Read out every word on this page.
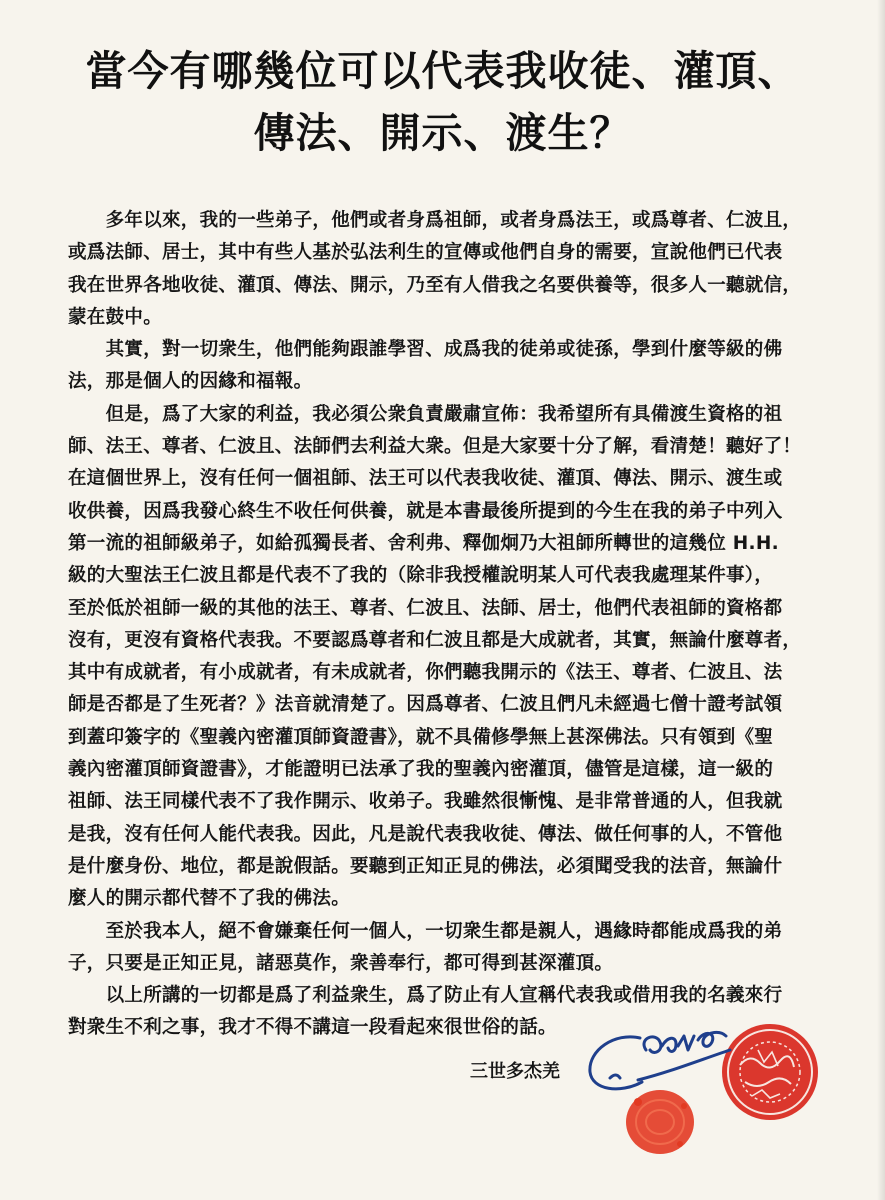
當今有哪幾位可以代表我收徒、灌頂、
傳法、開示、渡生？

　　多年以來，我的一些弟子，他們或者身爲祖師，或者身爲法王，或爲尊者、仁波且，
或爲法師、居士，其中有些人基於弘法利生的宣傳或他們自身的需要，宣說他們已代表
我在世界各地收徒、灌頂、傳法、開示，乃至有人借我之名要供養等，很多人一聽就信，
蒙在鼓中。

　　其實，對一切衆生，他們能夠跟誰學習、成爲我的徒弟或徒孫，學到什麼等級的佛
法，那是個人的因緣和福報。

　　但是，爲了大家的利益，我必須公衆負責嚴肅宣佈：我希望所有具備渡生資格的祖
師、法王、尊者、仁波且、法師們去利益大衆。但是大家要十分了解，看清楚！聽好了！
在這個世界上，沒有任何一個祖師、法王可以代表我收徒、灌頂、傳法、開示、渡生或
收供養，因爲我發心終生不收任何供養，就是本書最後所提到的今生在我的弟子中列入
第一流的祖師級弟子，如給孤獨長者、舍利弗、釋伽炯乃大祖師所轉世的這幾位 H.H.
級的大聖法王仁波且都是代表不了我的（除非我授權說明某人可代表我處理某件事），
至於低於祖師一級的其他的法王、尊者、仁波且、法師、居士，他們代表祖師的資格都
沒有，更沒有資格代表我。不要認爲尊者和仁波且都是大成就者，其實，無論什麼尊者，
其中有成就者，有小成就者，有未成就者，你們聽我開示的《法王、尊者、仁波且、法
師是否都是了生死者？》法音就清楚了。因爲尊者、仁波且們凡未經過七僧十證考試領
到蓋印簽字的《聖義內密灌頂師資證書》，就不具備修學無上甚深佛法。只有領到《聖
義內密灌頂師資證書》，才能證明已法承了我的聖義內密灌頂，儘管是這樣，這一級的
祖師、法王同樣代表不了我作開示、收弟子。我雖然很慚愧、是非常普通的人，但我就
是我，沒有任何人能代表我。因此，凡是說代表我收徒、傳法、做任何事的人，不管他
是什麼身份、地位，都是說假話。要聽到正知正見的佛法，必須聞受我的法音，無論什
麼人的開示都代替不了我的佛法。

　　至於我本人，絕不會嫌棄任何一個人，一切衆生都是親人，遇緣時都能成爲我的弟
子，只要是正知正見，諸惡莫作，衆善奉行，都可得到甚深灌頂。

　　以上所講的一切都是爲了利益衆生，爲了防止有人宣稱代表我或借用我的名義來行
對衆生不利之事，我才不得不講這一段看起來很世俗的話。

三世多杰羌
